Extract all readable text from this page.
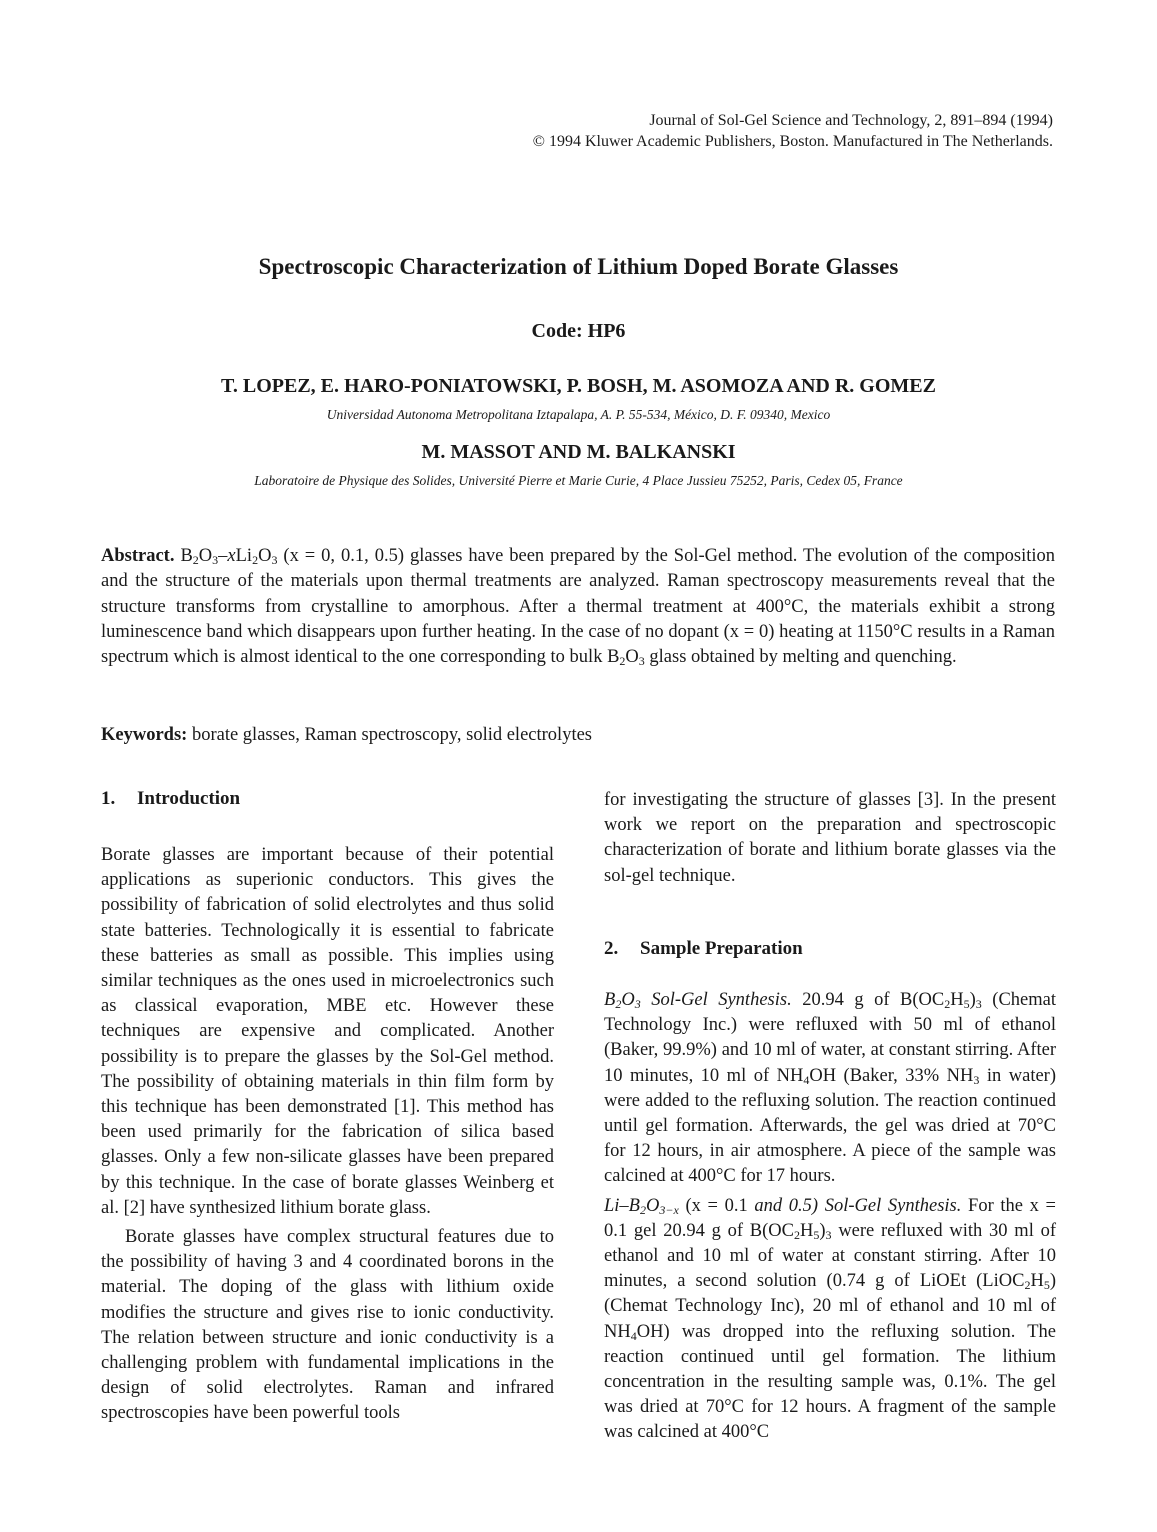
Journal of Sol-Gel Science and Technology, 2, 891–894 (1994)
© 1994 Kluwer Academic Publishers, Boston. Manufactured in The Netherlands.
Spectroscopic Characterization of Lithium Doped Borate Glasses
Code: HP6
T. LOPEZ, E. HARO-PONIATOWSKI, P. BOSH, M. ASOMOZA AND R. GOMEZ
Universidad Autonoma Metropolitana Iztapalapa, A. P. 55-534, México, D. F. 09340, Mexico
M. MASSOT AND M. BALKANSKI
Laboratoire de Physique des Solides, Université Pierre et Marie Curie, 4 Place Jussieu 75252, Paris, Cedex 05, France
Abstract. $B_2O_3-xLi_2O_3$ (x = 0, 0.1, 0.5) glasses have been prepared by the Sol-Gel method. The evolution of the composition and the structure of the materials upon thermal treatments are analyzed. Raman spectroscopy measurements reveal that the structure transforms from crystalline to amorphous. After a thermal treatment at 400°C, the materials exhibit a strong luminescence band which disappears upon further heating. In the case of no dopant (x = 0) heating at 1150°C results in a Raman spectrum which is almost identical to the one corresponding to bulk $B_2O_3$ glass obtained by melting and quenching.
Keywords: borate glasses, Raman spectroscopy, solid electrolytes
1. Introduction

Borate glasses are important because of their potential applications as superionic conductors. This gives the possibility of fabrication of solid electrolytes and thus solid state batteries. Technologically it is essential to fabricate these batteries as small as possible. This implies using similar techniques as the ones used in microelectronics such as classical evaporation, MBE etc. However these techniques are expensive and complicated. Another possibility is to prepare the glasses by the Sol-Gel method. The possibility of obtaining materials in thin film form by this technique has been demonstrated [1]. This method has been used primarily for the fabrication of silica based glasses. Only a few non-silicate glasses have been prepared by this technique. In the case of borate glasses Weinberg et al. [2] have synthesized lithium borate glass.

Borate glasses have complex structural features due to the possibility of having 3 and 4 coordinated borons in the material. The doping of the glass with lithium oxide modifies the structure and gives rise to ionic conductivity. The relation between structure and ionic conductivity is a challenging problem with fundamental implications in the design of solid electrolytes. Raman and infrared spectroscopies have been powerful tools

for investigating the structure of glasses [3]. In the present work we report on the preparation and spectroscopic characterization of borate and lithium borate glasses via the sol-gel technique.
2. Sample Preparation

$B_2O_3$ Sol-Gel Synthesis. 20.94 g of $B(OC_2H_5)_3$ (Chemat Technology Inc.) were refluxed with 50 ml of ethanol (Baker, 99.9%) and 10 ml of water, at constant stirring. After 10 minutes, 10 ml of $NH_4OH$ (Baker, 33% $NH_3$ in water) were added to the refluxing solution. The reaction continued until gel formation. Afterwards, the gel was dried at 70°C for 12 hours, in air atmosphere. A piece of the sample was calcined at 400°C for 17 hours.

$Li-B_2O_{3-x}$ (x = 0.1 and 0.5) Sol-Gel Synthesis. For the x = 0.1 gel 20.94 g of $B(OC_2H_5)_3$ were refluxed with 30 ml of ethanol and 10 ml of water at constant stirring. After 10 minutes, a second solution (0.74 g of LiOEt $(LiOC_2H_5)$ (Chemat Technology Inc), 20 ml of ethanol and 10 ml of $NH_4OH$) was dropped into the refluxing solution. The reaction continued until gel formation. The lithium concentration in the resulting sample was, 0.1%. The gel was dried at 70°C for 12 hours. A fragment of the sample was calcined at 400°C
